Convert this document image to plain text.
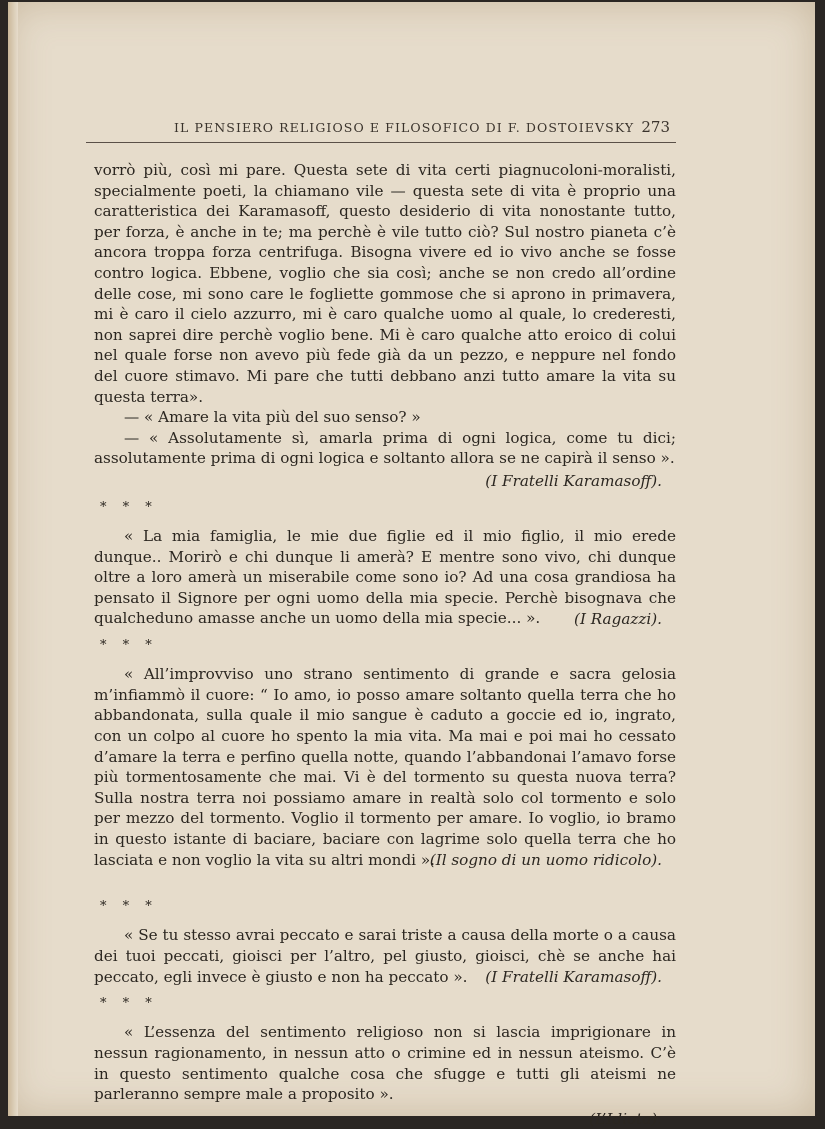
IL PENSIERO RELIGIOSO E FILOSOFICO DI F. DOSTOIEVSKY 273

vorrò più, così mi pare. Questa sete di vita certi piagnucoloni-moralisti, specialmente poeti, la chiamano vile — questa sete di vita è proprio una caratteristica dei Karamasoff, questo desiderio di vita nonostante tutto, per forza, è anche in te; ma perchè è vile tutto ciò? Sul nostro pianeta c’è ancora troppa forza centrifuga. Bisogna vivere ed io vivo anche se fosse contro logica. Ebbene, voglio che sia così; anche se non credo all’ordine delle cose, mi sono care le fogliette gommose che si aprono in primavera, mi è caro il cielo azzurro, mi è caro qualche uomo al quale, lo crederesti, non saprei dire perchè voglio bene. Mi è caro qualche atto eroico di colui nel quale forse non avevo più fede già da un pezzo, e neppure nel fondo del cuore stimavo. Mi pare che tutti debbano anzi tutto amare la vita su questa terra».

— « Amare la vita più del suo senso? »

— « Assolutamente sì, amarla prima di ogni logica, come tu dici; assolutamente prima di ogni logica e soltanto allora se ne capirà il senso ».

(I Fratelli Karamasoff).

* * *

« La mia famiglia, le mie due figlie ed il mio figlio, il mio erede dunque.. Morirò e chi dunque li amerà? E mentre sono vivo, chi dunque oltre a loro amerà un miserabile come sono io? Ad una cosa grandiosa ha pensato il Signore per ogni uomo della mia specie. Perchè bisognava che qualcheduno amasse anche un uomo della mia specie... ».	(I Ragazzi).

* * *

« All’improvviso uno strano sentimento di grande e sacra gelosia m’infiammò il cuore: “ Io amo, io posso amare soltanto quella terra che ho abbandonata, sulla quale il mio sangue è caduto a goccie ed io, ingrato, con un colpo al cuore ho spento la mia vita. Ma mai e poi mai ho cessato d’amare la terra e perfino quella notte, quando l’abbandonai l’amavo forse più tormentosamente che mai. Vi è del tormento su questa nuova terra? Sulla nostra terra noi possiamo amare in realtà solo col tormento e solo per mezzo del tormento. Voglio il tormento per amare. Io voglio, io bramo in questo istante di baciare, baciare con lagrime solo quella terra che ho lasciata e non voglio la vita su altri mondi ».

(Il sogno di un uomo ridicolo).

* * *

« Se tu stesso avrai peccato e sarai triste a causa della morte o a causa dei tuoi peccati, gioisci per l’altro, pel giusto, gioisci, chè se anche hai peccato, egli invece è giusto e non ha peccato ».	(I Fratelli Karamasoff).

* * *

« L’essenza del sentimento religioso non si lascia imprigionare in nessun ragionamento, in nessun atto o crimine ed in nessun ateismo. C’è in questo sentimento qualche cosa che sfugge e tutti gli ateismi ne parleranno sempre male a proposito ».

(L’Idiota).
